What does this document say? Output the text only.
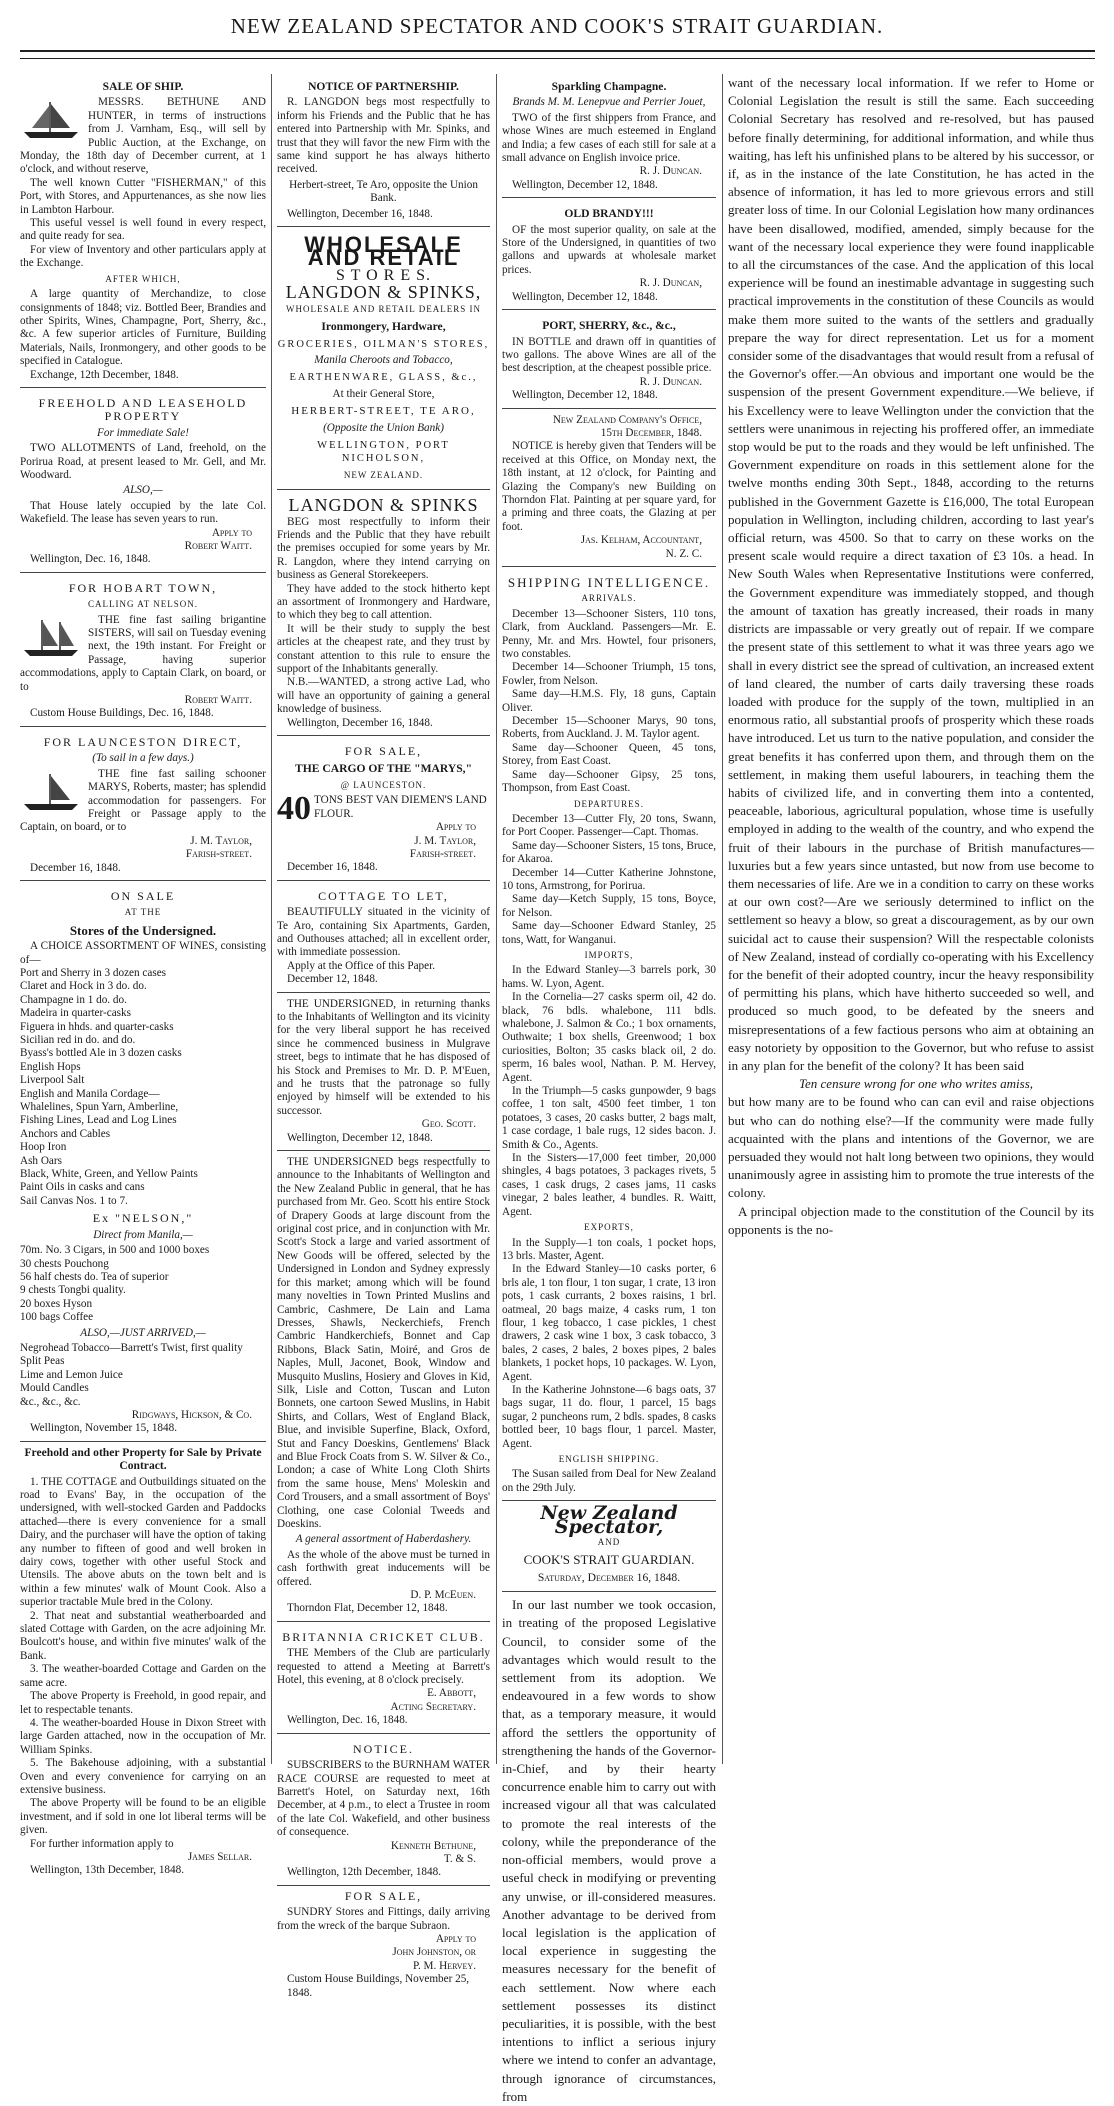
NEW ZEALAND SPECTATOR AND COOK'S STRAIT GUARDIAN.
SALE OF SHIP.

MESSRS. BETHUNE AND HUNTER, in terms of instructions from J. Varnham, Esq., will sell by Public Auction, at the Exchange, on Monday, the 18th day of December current, at 1 o'clock, and without reserve,

The well known Cutter "FISHERMAN," of this Port, with Stores, and Appurtenances, as she now lies in Lambton Harbour.

This useful vessel is well found in every respect, and quite ready for sea.

For view of Inventory and other particulars apply at the Exchange.

AFTER WHICH,

A large quantity of Merchandize, to close consignments of 1848; viz. Bottled Beer, Brandies and other Spirits, Wines, Champagne, Port, Sherry, &c., &c. A few superior articles of Furniture, Building Materials, Nails, Ironmongery, and other goods to be specified in Catalogue.

Exchange, 12th December, 1848.
FREEHOLD AND LEASEHOLD PROPERTY
For immediate Sale!

TWO ALLOTMENTS of Land, freehold, on the Porirua Road, at present leased to Mr. Gell, and Mr. Woodward.

ALSO,—

That House lately occupied by the late Col. Wakefield. The lease has seven years to run.

Apply to
Robert Waitt.
Wellington, Dec. 16, 1848.
FOR HOBART TOWN,
CALLING AT NELSON.

THE fine fast sailing brigantine SISTERS, will sail on Tuesday evening next, the 19th instant. For Freight or Passage, having superior accommodations, apply to Captain Clark, on board, or to

Robert Waitt.
Custom House Buildings, Dec. 16, 1848.
FOR LAUNCESTON DIRECT,
(To sail in a few days.)

THE fine fast sailing schooner MARYS, Roberts, master; has splendid accommodation for passengers. For Freight or Passage apply to the Captain, on board, or to

J. M. Taylor,
Farish-street.
December 16, 1848.
ON SALE
AT THE
Stores of the Undersigned.

A CHOICE ASSORTMENT OF WINES, consisting of—

Port and Sherry in 3 dozen cases
Claret and Hock in 3 do. do.
Champagne in 1 do. do.
Madeira in quarter-casks
Figuera in hhds. and quarter-casks
Sicilian red in do. and do.
Byass's bottled Ale in 3 dozen casks
English Hops
Liverpool Salt
English and Manila Cordage—
Whalelines, Spun Yarn, Amberline,
Fishing Lines, Lead and Log Lines
Anchors and Cables
Hoop Iron
Ash Oars
Black, White, Green, and Yellow Paints
Paint Oils in casks and cans
Sail Canvas Nos. 1 to 7.
Ex "NELSON,"
Direct from Manila,—
70m. No. 3 Cigars, in 500 and 1000 boxes
30 chests Pouchong
56 half chests do. Tea of superior
9 chests Tongbi quality.
20 boxes Hyson
100 bags Coffee
ALSO,—JUST ARRIVED,—
Negrohead Tobacco—Barrett's Twist, first quality
Split Peas
Lime and Lemon Juice
Mould Candles
&c., &c., &c.
Ridgways, Hickson, & Co.
Wellington, November 15, 1848.
Freehold and other Property for Sale by Private Contract.

1. THE COTTAGE and Outbuildings situated on the road to Evans' Bay, in the occupation of the undersigned, with well-stocked Garden and Paddocks attached—there is every convenience for a small Dairy, and the purchaser will have the option of taking any number to fifteen of good and well broken in dairy cows, together with other useful Stock and Utensils. The above abuts on the town belt and is within a few minutes' walk of Mount Cook. Also a superior tractable Mule bred in the Colony.

2. That neat and substantial weatherboarded and slated Cottage with Garden, on the acre adjoining Mr. Boulcott's house, and within five minutes' walk of the Bank.

3. The weather-boarded Cottage and Garden on the same acre.

The above Property is Freehold, in good repair, and let to respectable tenants.

4. The weather-boarded House in Dixon Street with large Garden attached, now in the occupation of Mr. William Spinks.

5. The Bakehouse adjoining, with a substantial Oven and every convenience for carrying on an extensive business.

The above Property will be found to be an eligible investment, and if sold in one lot liberal terms will be given.

For further information apply to

James Sellar.
Wellington, 13th December, 1848.
NOTICE OF PARTNERSHIP.

R. LANGDON begs most respectfully to inform his Friends and the Public that he has entered into Partnership with Mr. Spinks, and trust that they will favor the new Firm with the same kind support he has always hitherto received.

Herbert-street, Te Aro, opposite the Union Bank.
Wellington, December 16, 1848.
WHOLESALE AND RETAIL
S T O R E S.
LANGDON & SPINKS,
WHOLESALE AND RETAIL DEALERS IN
Ironmongery, Hardware,
GROCERIES, OILMAN'S STORES,
Manila Cheroots and Tobacco,
EARTHENWARE, GLASS, &c.,
At their General Store,
HERBERT-STREET, TE ARO,
(Opposite the Union Bank)
WELLINGTON, PORT NICHOLSON,
NEW ZEALAND.
LANGDON & SPINKS

BEG most respectfully to inform their Friends and the Public that they have rebuilt the premises occupied for some years by Mr. R. Langdon, where they intend carrying on business as General Storekeepers.

They have added to the stock hitherto kept an assortment of Ironmongery and Hardware, to which they beg to call attention.

It will be their study to supply the best articles at the cheapest rate, and they trust by constant attention to this rule to ensure the support of the Inhabitants generally.

N.B.—WANTED, a strong active Lad, who will have an opportunity of gaining a general knowledge of business.

Wellington, December 16, 1848.
FOR SALE,
THE CARGO OF THE "MARYS,"
@ LAUNCESTON.
40 TONS BEST VAN DIEMEN'S LAND FLOUR.
Apply to
J. M. Taylor,
Farish-street.
December 16, 1848.
COTTAGE TO LET,

BEAUTIFULLY situated in the vicinity of Te Aro, containing Six Apartments, Garden, and Outhouses attached; all in excellent order, with immediate possession.

Apply at the Office of this Paper.

December 12, 1848.

THE UNDERSIGNED, in returning thanks to the Inhabitants of Wellington and its vicinity for the very liberal support he has received since he commenced business in Mulgrave street, begs to intimate that he has disposed of his Stock and Premises to Mr. D. P. M'Euen, and he trusts that the patronage so fully enjoyed by himself will be extended to his successor.

Geo. Scott.
Wellington, December 12, 1848.

THE UNDERSIGNED begs respectfully to announce to the Inhabitants of Wellington and the New Zealand Public in general, that he has purchased from Mr. Geo. Scott his entire Stock of Drapery Goods at large discount from the original cost price, and in conjunction with Mr. Scott's Stock a large and varied assortment of New Goods will be offered, selected by the Undersigned in London and Sydney expressly for this market; among which will be found many novelties in Town Printed Muslins and Cambric, Cashmere, De Lain and Lama Dresses, Shawls, Neckerchiefs, French Cambric Handkerchiefs, Bonnet and Cap Ribbons, Black Satin, Moiré, and Gros de Naples, Mull, Jaconet, Book, Window and Musquito Muslins, Hosiery and Gloves in Kid, Silk, Lisle and Cotton, Tuscan and Luton Bonnets, one cartoon Sewed Muslins, in Habit Shirts, and Collars, West of England Black, Blue, and invisible Superfine, Black, Oxford, Stut and Fancy Doeskins, Gentlemens' Black and Blue Frock Coats from S. W. Silver & Co., London; a case of White Long Cloth Shirts from the same house, Mens' Moleskin and Cord Trousers, and a small assortment of Boys' Clothing, one case Colonial Tweeds and Doeskins.

A general assortment of Haberdashery.

As the whole of the above must be turned in cash forthwith great inducements will be offered.

D. P. McEuen.
Thorndon Flat, December 12, 1848.
BRITANNIA CRICKET CLUB.

THE Members of the Club are particularly requested to attend a Meeting at Barrett's Hotel, this evening, at 8 o'clock precisely.

E. Abbott,
Acting Secretary.
Wellington, Dec. 16, 1848.
NOTICE.

SUBSCRIBERS to the BURNHAM WATER RACE COURSE are requested to meet at Barrett's Hotel, on Saturday next, 16th December, at 4 p.m., to elect a Trustee in room of the late Col. Wakefield, and other business of consequence.

Kenneth Bethune,
T. & S.
Wellington, 12th December, 1848.
FOR SALE,

SUNDRY Stores and Fittings, daily arriving from the wreck of the barque Subraon.

Apply to
John Johnston, or
P. M. Hervey.
Custom House Buildings, November 25, 1848.
Sparkling Champagne.
Brands M. M. Lenepvue and Perrier Jouet,

TWO of the first shippers from France, and whose Wines are much esteemed in England and India; a few cases of each still for sale at a small advance on English invoice price.

R. J. Duncan.
Wellington, December 12, 1848.
OLD BRANDY!!!

OF the most superior quality, on sale at the Store of the Undersigned, in quantities of two gallons and upwards at wholesale market prices.

R. J. Duncan,
Wellington, December 12, 1848.
PORT, SHERRY, &c., &c.,

IN BOTTLE and drawn off in quantities of two gallons. The above Wines are all of the best description, at the cheapest possible price.

R. J. Duncan.
Wellington, December 12, 1848.
New Zealand Company's Office,
15th December, 1848.

NOTICE is hereby given that Tenders will be received at this Office, on Monday next, the 18th instant, at 12 o'clock, for Painting and Glazing the Company's new Building on Thorndon Flat. Painting at per square yard, for a priming and three coats, the Glazing at per foot.

Jas. Kelham, Accountant,
N. Z. C.
SHIPPING INTELLIGENCE.
ARRIVALS.

December 13—Schooner Sisters, 110 tons, Clark, from Auckland. Passengers—Mr. E. Penny, Mr. and Mrs. Howtel, four prisoners, two constables.

December 14—Schooner Triumph, 15 tons, Fowler, from Nelson.

Same day—H.M.S. Fly, 18 guns, Captain Oliver.

December 15—Schooner Marys, 90 tons, Roberts, from Auckland. J. M. Taylor agent.

Same day—Schooner Queen, 45 tons, Storey, from East Coast.

Same day—Schooner Gipsy, 25 tons, Thompson, from East Coast.

DEPARTURES.

December 13—Cutter Fly, 20 tons, Swann, for Port Cooper. Passenger—Capt. Thomas.

Same day—Schooner Sisters, 15 tons, Bruce, for Akaroa.

December 14—Cutter Katherine Johnstone, 10 tons, Armstrong, for Porirua.

Same day—Ketch Supply, 15 tons, Boyce, for Nelson.

Same day—Schooner Edward Stanley, 25 tons, Watt, for Wanganui.

IMPORTS,

In the Edward Stanley—3 barrels pork, 30 hams. W. Lyon, Agent.

In the Cornelia—27 casks sperm oil, 42 do. black, 76 bdls. whalebone, 111 bdls. whalebone, J. Salmon & Co.; 1 box ornaments, Outhwaite; 1 box shells, Greenwood; 1 box curiosities, Bolton; 35 casks black oil, 2 do. sperm, 16 bales wool, Nathan. P. M. Hervey, Agent.

In the Triumph—5 casks gunpowder, 9 bags coffee, 1 ton salt, 4500 feet timber, 1 ton potatoes, 3 cases, 20 casks butter, 2 bags malt, 1 case cordage, 1 bale rugs, 12 sides bacon. J. Smith & Co., Agents.

In the Sisters—17,000 feet timber, 20,000 shingles, 4 bags potatoes, 3 packages rivets, 5 cases, 1 cask drugs, 2 cases jams, 11 casks vinegar, 2 bales leather, 4 bundles. R. Waitt, Agent.

EXPORTS,

In the Supply—1 ton coals, 1 pocket hops, 13 brls. Master, Agent.

In the Edward Stanley—10 casks porter, 6 brls ale, 1 ton flour, 1 ton sugar, 1 crate, 13 iron pots, 1 cask currants, 2 boxes raisins, 1 brl. oatmeal, 20 bags maize, 4 casks rum, 1 ton flour, 1 keg tobacco, 1 case pickles, 1 chest drawers, 2 cask wine 1 box, 3 cask tobacco, 3 bales, 2 cases, 2 bales, 2 boxes pipes, 2 bales blankets, 1 pocket hops, 10 packages. W. Lyon, Agent.

In the Katherine Johnstone—6 bags oats, 37 bags sugar, 11 do. flour, 1 parcel, 15 bags sugar, 2 puncheons rum, 2 bdls. spades, 8 casks bottled beer, 10 bags flour, 1 parcel. Master, Agent.

ENGLISH SHIPPING.

The Susan sailed from Deal for New Zealand on the 29th July.

New Zealand Spectator,
AND
COOK'S STRAIT GUARDIAN.
Saturday, December 16, 1848.

In our last number we took occasion, in treating of the proposed Legislative Council, to consider some of the advantages which would result to the settlement from its adoption. We endeavoured in a few words to show that, as a temporary measure, it would afford the settlers the opportunity of strengthening the hands of the Governor-in-Chief, and by their hearty concurrence enable him to carry out with increased vigour all that was calculated to promote the real interests of the colony, while the preponderance of the non-official members, would prove a useful check in modifying or preventing any unwise, or ill-considered measures. Another advantage to be derived from local legislation is the application of local experience in suggesting the measures necessary for the benefit of each settlement. Now where each settlement possesses its distinct peculiarities, it is possible, with the best intentions to inflict a serious injury where we intend to confer an advantage, through ignorance of circumstances, from

want of the necessary local information. If we refer to Home or Colonial Legislation the result is still the same. Each succeeding Colonial Secretary has resolved and re-resolved, but has paused before finally determining, for additional information, and while thus waiting, has left his unfinished plans to be altered by his successor, or if, as in the instance of the late Constitution, he has acted in the absence of information, it has led to more grievous errors and still greater loss of time. In our Colonial Legislation how many ordinances have been disallowed, modified, amended, simply because for the want of the necessary local experience they were found inapplicable to all the circumstances of the case. And the application of this local experience will be found an inestimable advantage in suggesting such practical improvements in the constitution of these Councils as would make them more suited to the wants of the settlers and gradually prepare the way for direct representation. Let us for a moment consider some of the disadvantages that would result from a refusal of the Governor's offer.—An obvious and important one would be the suspension of the present Government expenditure.—We believe, if his Excellency were to leave Wellington under the conviction that the settlers were unanimous in rejecting his proffered offer, an immediate stop would be put to the roads and they would be left unfinished. The Government expenditure on roads in this settlement alone for the twelve months ending 30th Sept., 1848, according to the returns published in the Government Gazette is £16,000, The total European population in Wellington, including children, according to last year's official return, was 4500. So that to carry on these works on the present scale would require a direct taxation of £3 10s. a head. In New South Wales when Representative Institutions were conferred, the Government expenditure was immediately stopped, and though the amount of taxation has greatly increased, their roads in many districts are impassable or very greatly out of repair. If we compare the present state of this settlement to what it was three years ago we shall in every district see the spread of cultivation, an increased extent of land cleared, the number of carts daily traversing these roads loaded with produce for the supply of the town, multiplied in an enormous ratio, all substantial proofs of prosperity which these roads have introduced. Let us turn to the native population, and consider the great benefits it has conferred upon them, and through them on the settlement, in making them useful labourers, in teaching them the habits of civilized life, and in converting them into a contented, peaceable, laborious, agricultural population, whose time is usefully employed in adding to the wealth of the country, and who expend the fruit of their labours in the purchase of British manufactures—luxuries but a few years since untasted, but now from use become to them necessaries of life. Are we in a condition to carry on these works at our own cost?—Are we seriously determined to inflict on the settlement so heavy a blow, so great a discouragement, as by our own suicidal act to cause their suspension? Will the respectable colonists of New Zealand, instead of cordially co-operating with his Excellency for the benefit of their adopted country, incur the heavy responsibility of permitting his plans, which have hitherto succeeded so well, and produced so much good, to be defeated by the sneers and misrepresentations of a few factious persons who aim at obtaining an easy notoriety by opposition to the Governor, but who refuse to assist in any plan for the benefit of the colony? It has been said

Ten censure wrong for one who writes amiss,

but how many are to be found who can can evil and raise objections but who can do nothing else?—If the community were made fully acquainted with the plans and intentions of the Governor, we are persuaded they would not halt long between two opinions, they would unanimously agree in assisting him to promote the true interests of the colony.

A principal objection made to the constitution of the Council by its opponents is the no-
